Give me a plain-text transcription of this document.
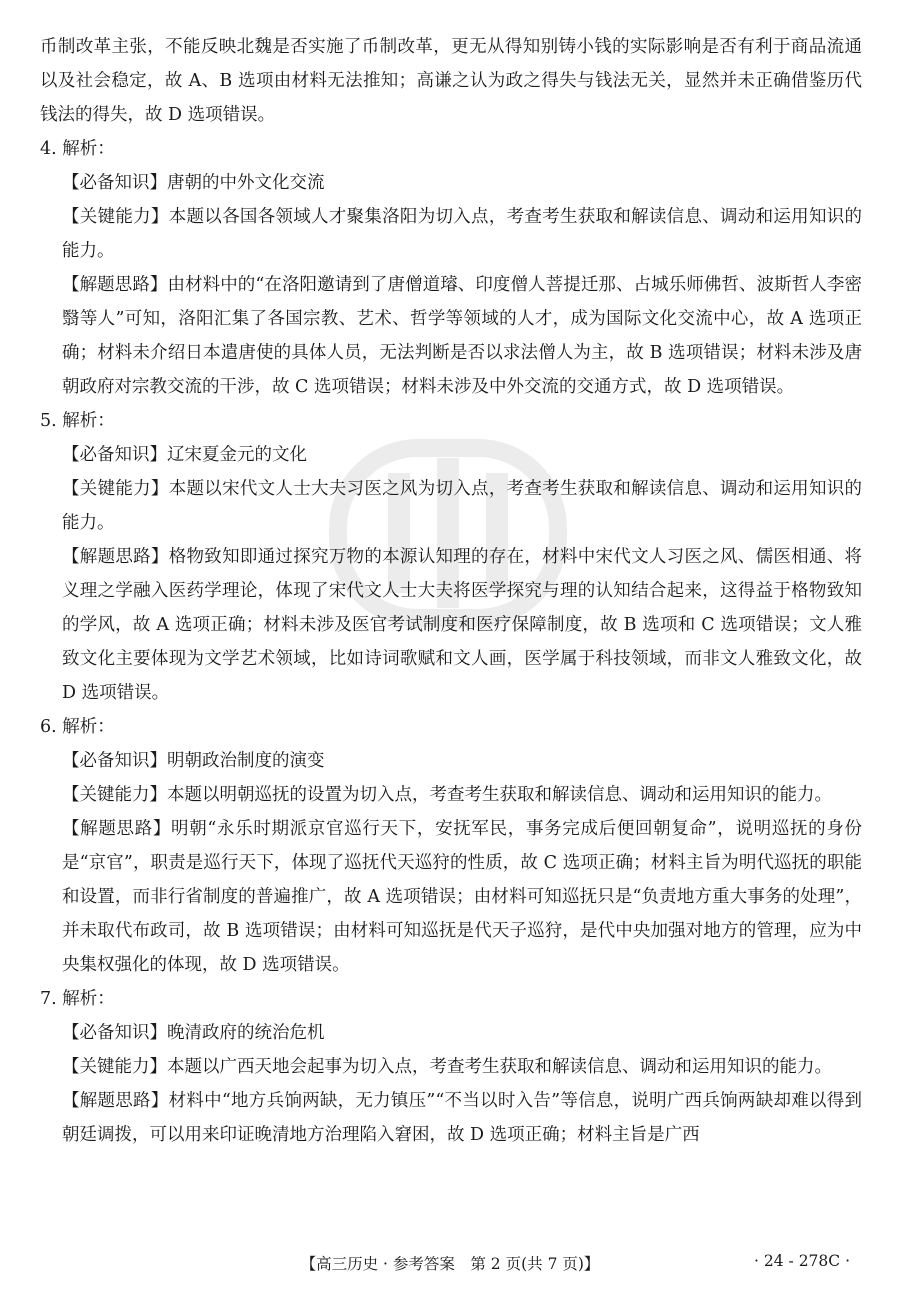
币制改革主张，不能反映北魏是否实施了币制改革，更无从得知别铸小钱的实际影响是否有利于商品流通以及社会稳定，故 A、B 选项由材料无法推知；高谦之认为政之得失与钱法无关，显然并未正确借鉴历代钱法的得失，故 D 选项错误。

4. 解析：

【必备知识】唐朝的中外文化交流

【关键能力】本题以各国各领域人才聚集洛阳为切入点，考查考生获取和解读信息、调动和运用知识的能力。

【解题思路】由材料中的“在洛阳邀请到了唐僧道璿、印度僧人菩提迁那、占城乐师佛哲、波斯哲人李密翳等人”可知，洛阳汇集了各国宗教、艺术、哲学等领域的人才，成为国际文化交流中心，故 A 选项正确；材料未介绍日本遣唐使的具体人员，无法判断是否以求法僧人为主，故 B 选项错误；材料未涉及唐朝政府对宗教交流的干涉，故 C 选项错误；材料未涉及中外交流的交通方式，故 D 选项错误。

5. 解析：

【必备知识】辽宋夏金元的文化

【关键能力】本题以宋代文人士大夫习医之风为切入点，考查考生获取和解读信息、调动和运用知识的能力。

【解题思路】格物致知即通过探究万物的本源认知理的存在，材料中宋代文人习医之风、儒医相通、将义理之学融入医药学理论，体现了宋代文人士大夫将医学探究与理的认知结合起来，这得益于格物致知的学风，故 A 选项正确；材料未涉及医官考试制度和医疗保障制度，故 B 选项和 C 选项错误；文人雅致文化主要体现为文学艺术领域，比如诗词歌赋和文人画，医学属于科技领域，而非文人雅致文化，故 D 选项错误。

6. 解析：

【必备知识】明朝政治制度的演变

【关键能力】本题以明朝巡抚的设置为切入点，考查考生获取和解读信息、调动和运用知识的能力。

【解题思路】明朝“永乐时期派京官巡行天下，安抚军民，事务完成后便回朝复命”，说明巡抚的身份是“京官”，职责是巡行天下，体现了巡抚代天巡狩的性质，故 C 选项正确；材料主旨为明代巡抚的职能和设置，而非行省制度的普遍推广，故 A 选项错误；由材料可知巡抚只是“负责地方重大事务的处理”，并未取代布政司，故 B 选项错误；由材料可知巡抚是代天子巡狩，是代中央加强对地方的管理，应为中央集权强化的体现，故 D 选项错误。

7. 解析：

【必备知识】晚清政府的统治危机

【关键能力】本题以广西天地会起事为切入点，考查考生获取和解读信息、调动和运用知识的能力。

【解题思路】材料中“地方兵饷两缺，无力镇压”“不当以时入告”等信息，说明广西兵饷两缺却难以得到朝廷调拨，可以用来印证晚清地方治理陷入窘困，故 D 选项正确；材料主旨是广西

【高三历史 · 参考答案　第 2 页(共 7 页)】	· 24 - 278C ·
